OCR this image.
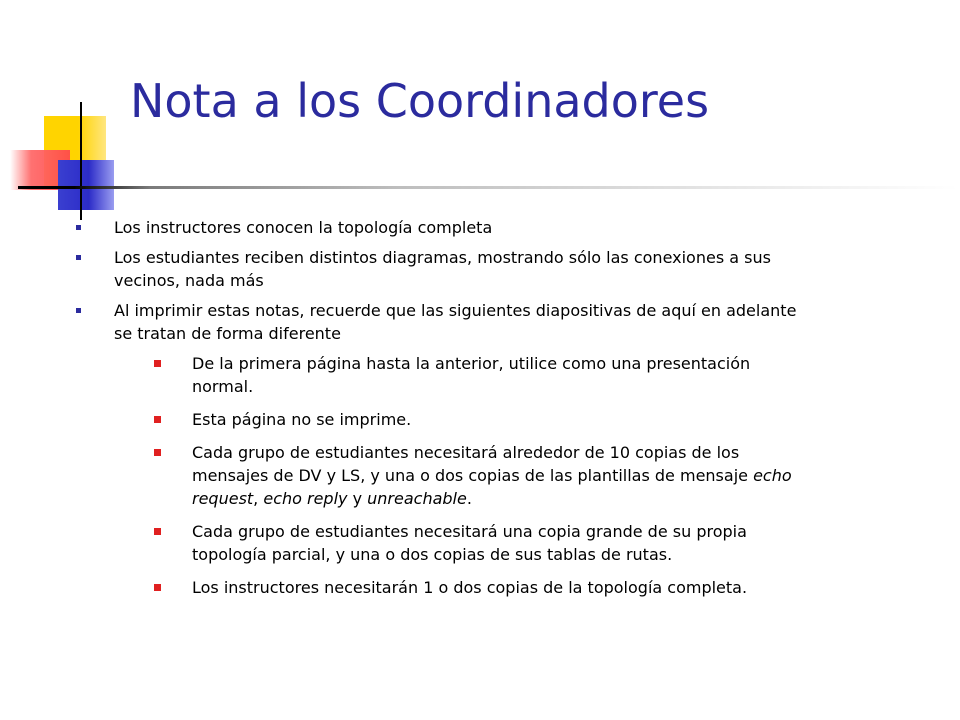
Nota a los Coordinadores
Los instructores conocen la topología completa
Los estudiantes reciben distintos diagramas, mostrando sólo las conexiones a sus vecinos, nada más
Al imprimir estas notas, recuerde que las siguientes diapositivas de aquí en adelante se tratan de forma diferente
De la primera página hasta la anterior, utilice como una presentación normal.
Esta página no se imprime.
Cada grupo de estudiantes necesitará alrededor de 10 copias de los mensajes de DV y LS, y una o dos copias de las plantillas de mensaje echo request, echo reply y unreachable.
Cada grupo de estudiantes necesitará una copia grande de su propia topología parcial, y una o dos copias de sus tablas de rutas.
Los instructores necesitarán 1 o dos copias de la topología completa.
